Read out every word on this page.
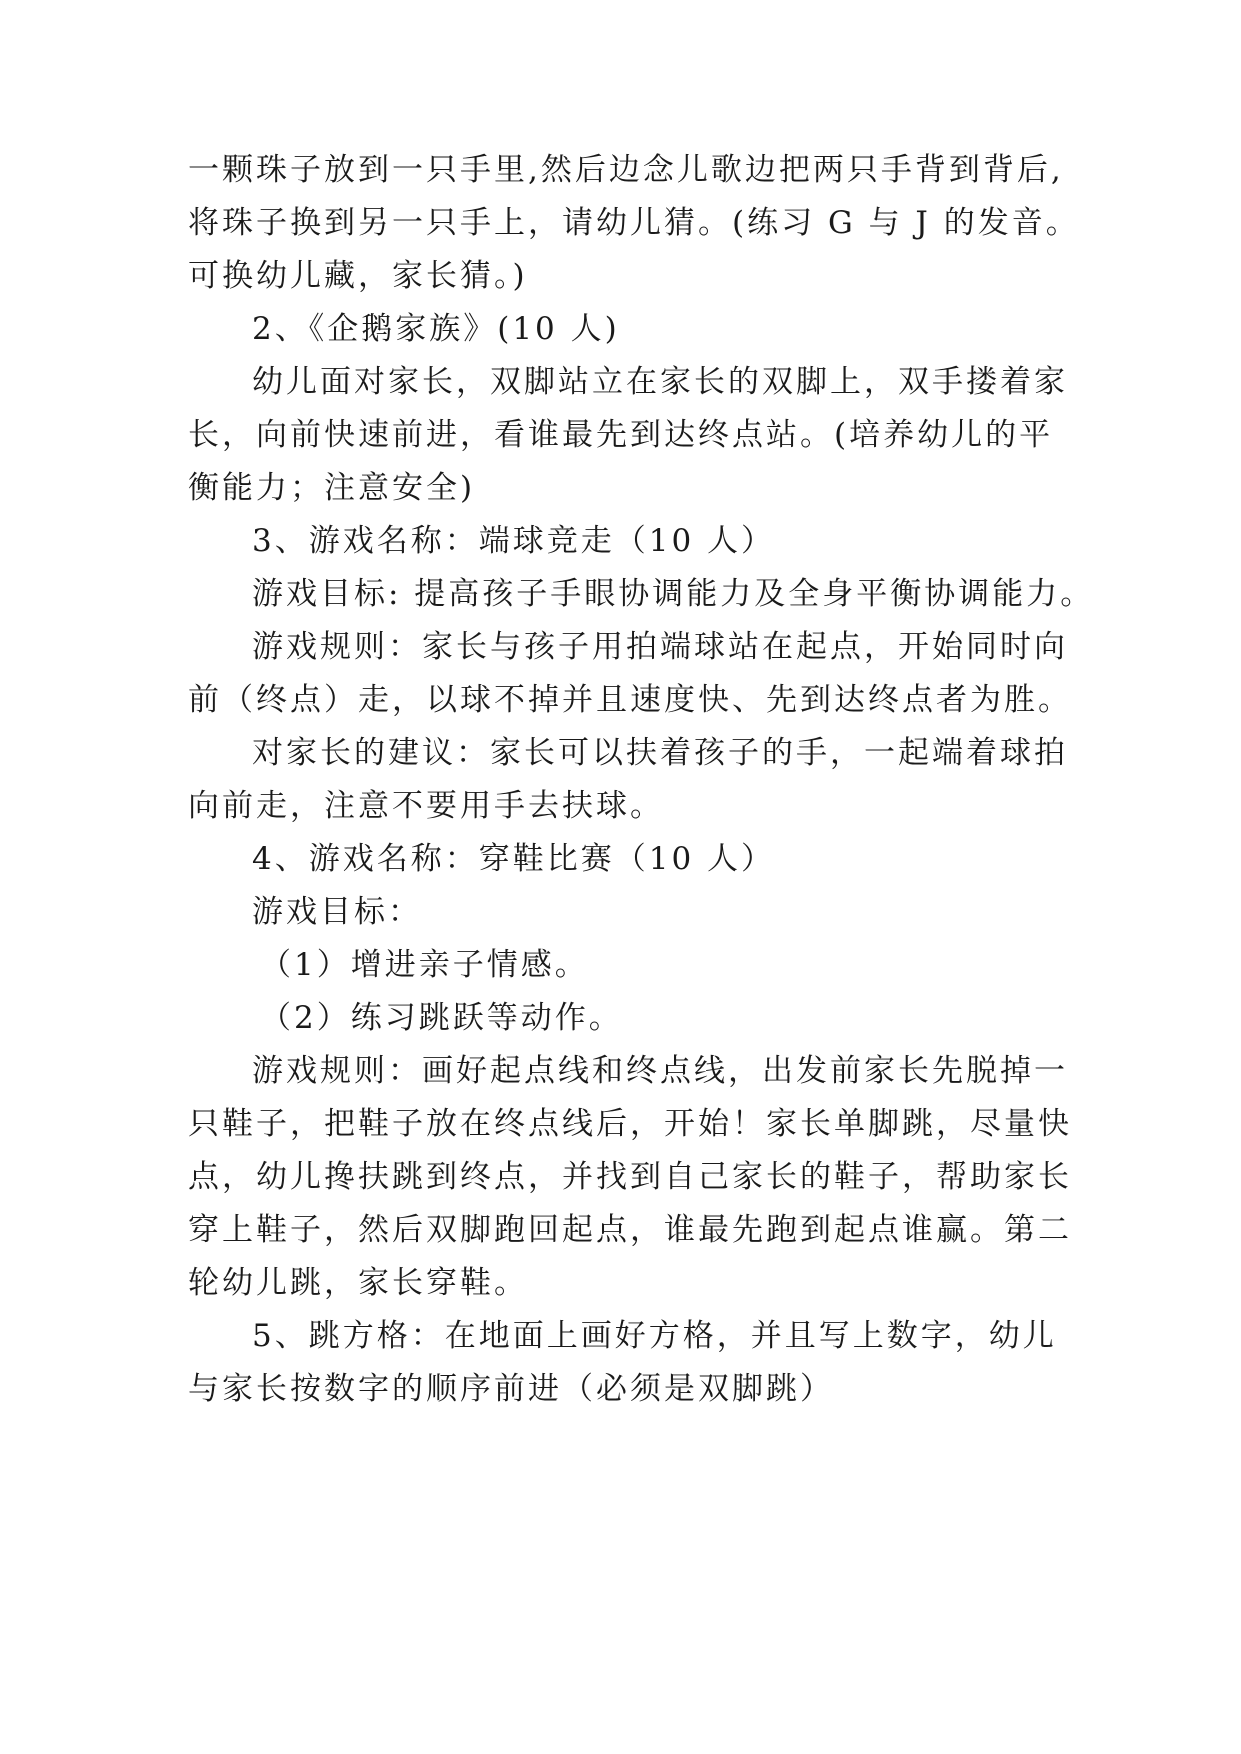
一颗珠子放到一只手里,然后边念儿歌边把两只手背到背后,
将珠子换到另一只手上，请幼儿猜。(练习 G 与 J 的发音。
可换幼儿藏，家长猜。)
2、《企鹅家族》(10 人)
幼儿面对家长，双脚站立在家长的双脚上，双手搂着家
长，向前快速前进，看谁最先到达终点站。(培养幼儿的平
衡能力；注意安全)
3、游戏名称：端球竞走（10 人）
游戏目标: 提高孩子手眼协调能力及全身平衡协调能力。
游戏规则：家长与孩子用拍端球站在起点，开始同时向
前（终点）走，以球不掉并且速度快、先到达终点者为胜。
对家长的建议：家长可以扶着孩子的手，一起端着球拍
向前走，注意不要用手去扶球。
4、游戏名称：穿鞋比赛（10 人）
游戏目标：
（1）增进亲子情感。
（2）练习跳跃等动作。
游戏规则：画好起点线和终点线，出发前家长先脱掉一
只鞋子，把鞋子放在终点线后，开始！家长单脚跳，尽量快
点，幼儿搀扶跳到终点，并找到自己家长的鞋子，帮助家长
穿上鞋子，然后双脚跑回起点，谁最先跑到起点谁赢。第二
轮幼儿跳，家长穿鞋。
5、跳方格：在地面上画好方格，并且写上数字，幼儿
与家长按数字的顺序前进（必须是双脚跳）
